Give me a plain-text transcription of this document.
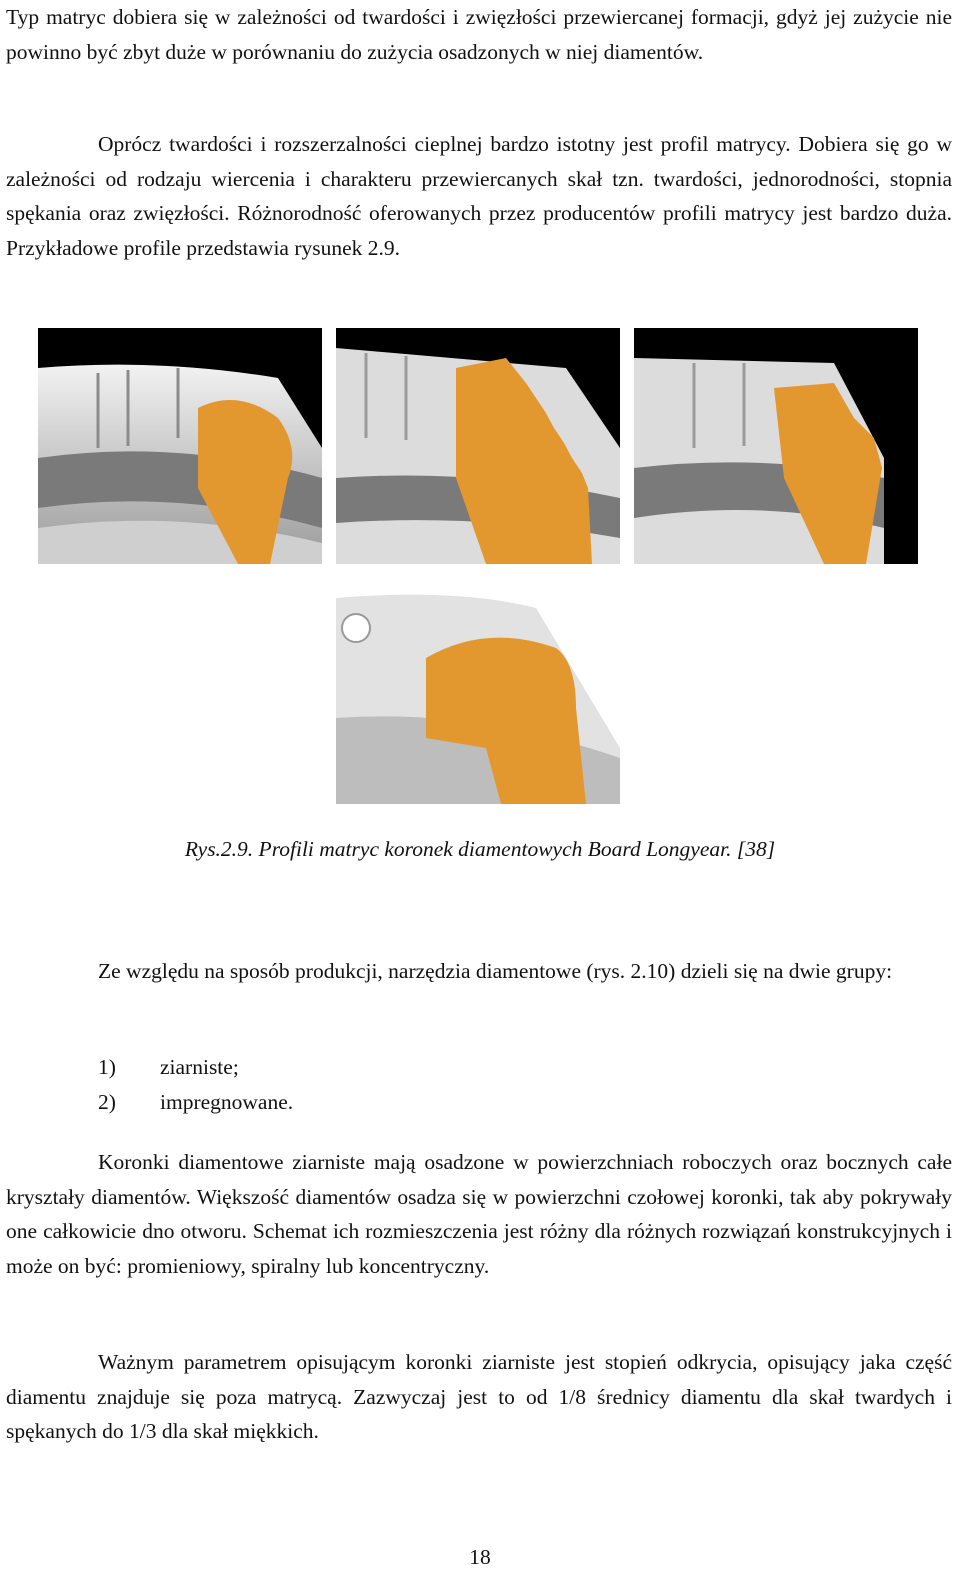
Typ matryc dobiera się w zależności od twardości i zwięzłości przewiercanej formacji, gdyż jej zużycie nie powinno być zbyt duże w porównaniu do zużycia osadzonych w niej diamentów.

Oprócz twardości i rozszerzalności cieplnej bardzo istotny jest profil matrycy. Dobiera się go w zależności od rodzaju wiercenia i charakteru przewiercanych skał tzn. twardości, jednorodności, stopnia spękania oraz zwięzłości. Różnorodność oferowanych przez producentów profili matrycy jest bardzo duża. Przykładowe profile przedstawia rysunek 2.9.

Rys.2.9. Profili matryc koronek diamentowych Board Longyear. [38]

Ze względu na sposób produkcji, narzędzia diamentowe (rys. 2.10) dzieli się na dwie grupy:

1)	ziarniste;
2)	impregnowane.

Koronki diamentowe ziarniste mają osadzone w powierzchniach roboczych oraz bocznych całe kryształy diamentów. Większość diamentów osadza się w powierzchni czołowej koronki, tak aby pokrywały one całkowicie dno otworu. Schemat ich rozmieszczenia jest różny dla różnych rozwiązań konstrukcyjnych i może on być: promieniowy, spiralny lub koncentryczny.

Ważnym parametrem opisującym koronki ziarniste jest stopień odkrycia, opisujący jaka część diamentu znajduje się poza matrycą. Zazwyczaj jest to od 1/8 średnicy diamentu dla skał twardych i spękanych do 1/3 dla skał miękkich.

18
